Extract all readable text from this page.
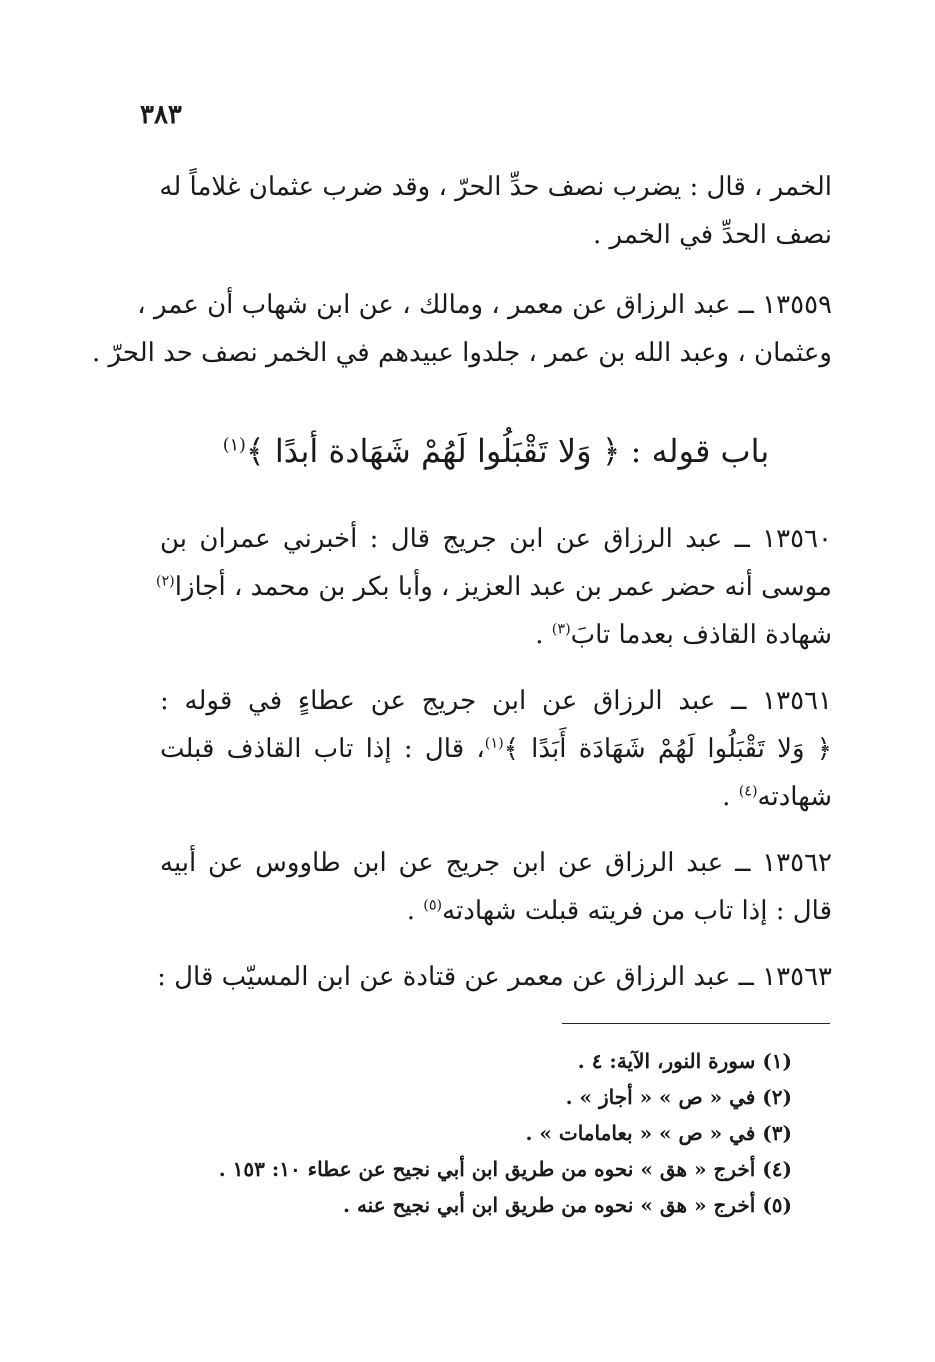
٣٨٣
الخمر ، قال : يضرب نصف حدِّ الحرّ ، وقد ضرب عثمان غلاماً له
نصف الحدِّ في الخمر .
١٣٥٥٩ ــ عبد الرزاق عن معمر ، ومالك ، عن ابن شهاب أن عمر ،
وعثمان ، وعبد الله بن عمر ، جلدوا عبيدهم في الخمر نصف حد الحرّ .
باب قوله : ﴿ وَلا تَقْبَلُوا لَهُمْ شَهَادة أبدًا ﴾$^{(١)}$
١٣٥٦٠ ــ عبد الرزاق عن ابن جريج قال : أخبرني عمران بن
موسى أنه حضر عمر بن عبد العزيز ، وأبا بكر بن محمد ، أجازا$^{(٢)}$
شهادة القاذف بعدما تابَ$^{(٣)}$ .
١٣٥٦١ ــ عبد الرزاق عن ابن جريج عن عطاءٍ في قوله :
﴿ وَلا تَقْبَلُوا لَهُمْ شَهَادَة أَبَدًا ﴾$^{(١)}$، قال : إذا تاب القاذف قبلت
شهادته$^{(٤)}$ .
١٣٥٦٢ ــ عبد الرزاق عن ابن جريج عن ابن طاووس عن أبيه
قال : إذا تاب من فريته قبلت شهادته$^{(٥)}$ .
١٣٥٦٣ ــ عبد الرزاق عن معمر عن قتادة عن ابن المسيّب قال :
(١) سورة النور، الآية: ٤ .
(٢) في « ص » « أجاز » .
(٣) في « ص » « بعامامات » .
(٤) أخرج « هق » نحوه من طريق ابن أبي نجيح عن عطاء ١٠: ١٥٣ .
(٥) أخرج « هق » نحوه من طريق ابن أبي نجيح عنه .
